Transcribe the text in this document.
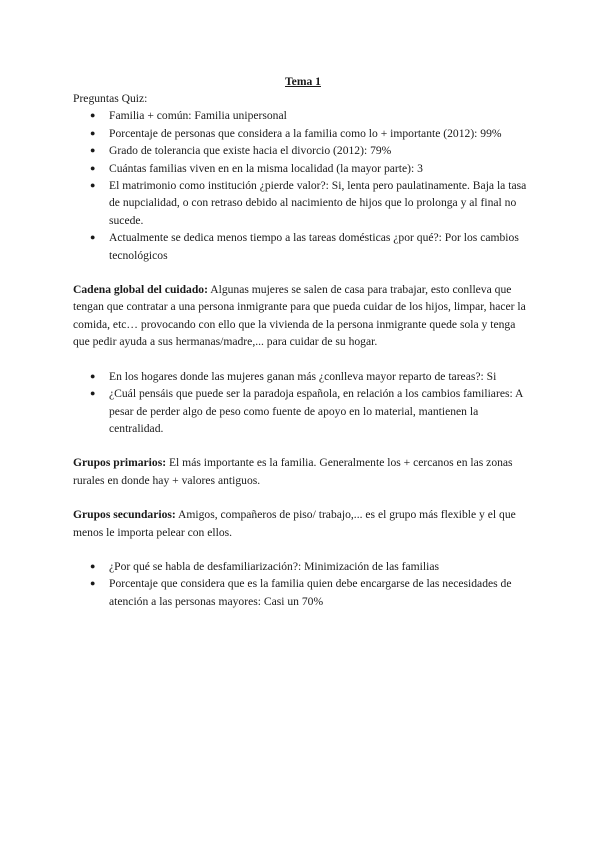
Tema 1

Preguntas Quiz:

● Familia + común: Familia unipersonal
● Porcentaje de personas que considera a la familia como lo + importante (2012): 99%
● Grado de tolerancia que existe hacia el divorcio (2012): 79%
● Cuántas familias viven en en la misma localidad (la mayor parte): 3
● El matrimonio como institución ¿pierde valor?: Si, lenta pero paulatinamente. Baja la tasa de nupcialidad, o con retraso debido al nacimiento de hijos que lo prolonga y al final no sucede.
● Actualmente se dedica menos tiempo a las tareas domésticas ¿por qué?: Por los cambios tecnológicos

Cadena global del cuidado: Algunas mujeres se salen de casa para trabajar, esto conlleva que tengan que contratar a una persona inmigrante para que pueda cuidar de los hijos, limpar, hacer la comida, etc… provocando con ello que la vivienda de la persona inmigrante quede sola y tenga que pedir ayuda a sus hermanas/madre,... para cuidar de su hogar.

● En los hogares donde las mujeres ganan más ¿conlleva mayor reparto de tareas?: Si
● ¿Cuál pensáis que puede ser la paradoja española, en relación a los cambios familiares: A pesar de perder algo de peso como fuente de apoyo en lo material, mantienen la centralidad.

Grupos primarios: El más importante es la familia. Generalmente los + cercanos en las zonas rurales en donde hay + valores antiguos.

Grupos secundarios: Amigos, compañeros de piso/ trabajo,... es el grupo más flexible y el que menos le importa pelear con ellos.

● ¿Por qué se habla de desfamiliarización?: Minimización de las familias
● Porcentaje que considera que es la familia quien debe encargarse de las necesidades de atención a las personas mayores: Casi un 70%
